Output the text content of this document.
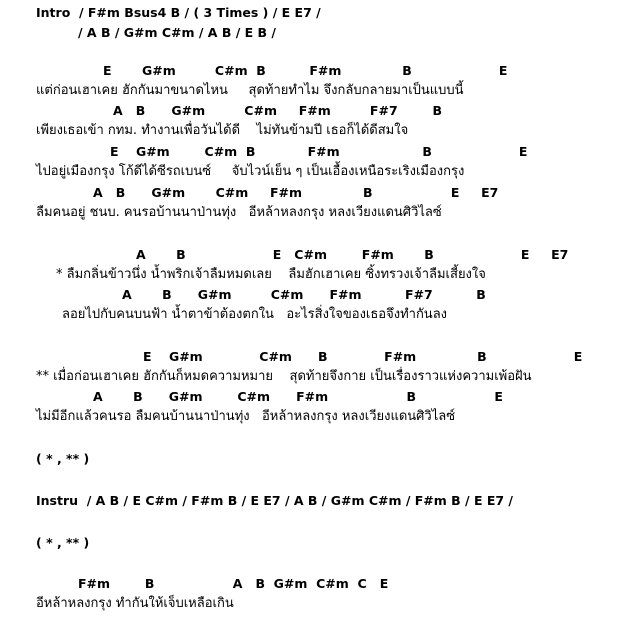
Intro  / F#m Bsus4 B / ( 3 Times ) / E E7 /
/ A B / G#m C#m / A B / E B /
E       G#m         C#m  B          F#m              B                    E
แต่ก่อนเฮาเคย ฮักกันมาขนาดไหน     สุดท้ายทำไม จึงกลับกลายมาเป็นแบบนี้
A   B      G#m         C#m     F#m         F#7        B
เพียงเธอเข้า กทม. ทำงานเพื่อวันได้ดี    ไม่ทันข้ามปี เธอก็ได้ดีสมใจ
E    G#m        C#m  B            F#m                   B                    E
ไปอยู่เมืองกรุง โก้ดีได้ซีรถเบนซ์     จับไวน์เย็น ๆ เป็นเอื้องเหนือระเริงเมืองกรุง
A   B      G#m       C#m     F#m              B                  E     E7
ลืมคนอยู่ ชนบ. คนรอบ้านนาป่านทุ่ง   อีหล้าหลงกรุง หลงเวียงแดนศิวิไลซ์
A       B                    E   C#m        F#m       B                    E     E7
* ลืมกลิ่นข้าวนึ่ง น้ำพริกเจ้าลืมหมดเลย    ลืมฮักเฮาเคย ซิ้งทรวงเจ้าลืมเสี้ยงใจ
A       B      G#m         C#m      F#m          F#7          B
ลอยไปกับคนบนฟ้า น้ำตาข้าต้องตกใน   อะไรสิ่งใจของเธอจึงทำกันลง
E    G#m             C#m      B             F#m              B                    E
** เมื่อก่อนเฮาเคย ฮักกันก็หมดความหมาย    สุดท้ายจึงกาย เป็นเรื่องราวแห่งความเพ้อฝัน
A       B      G#m        C#m      F#m                  B                  E
ไม่มีอีกแล้วคนรอ ลืมคนบ้านนาป่านทุ่ง   อีหล้าหลงกรุง หลงเวียงแดนศิวิไลซ์
( * , ** )
Instru  / A B / E C#m / F#m B / E E7 / A B / G#m C#m / F#m B / E E7 /
( * , ** )
F#m        B                  A   B  G#m  C#m  C   E
อีหล้าหลงกรุง ทำกันให้เจ็บเหลือเกิน
